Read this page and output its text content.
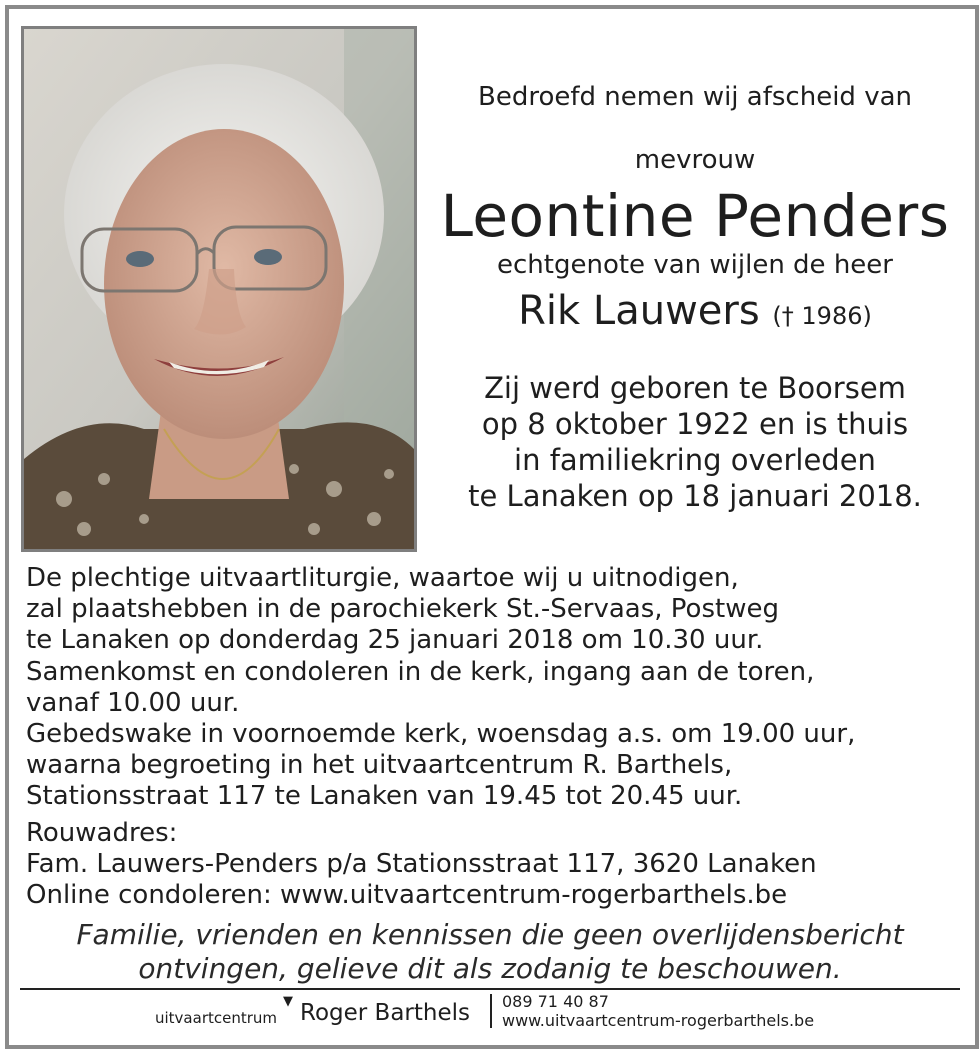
Bedroefd nemen wij afscheid van
mevrouw
Leontine Penders
echtgenote van wijlen de heer
Rik Lauwers († 1986)
Zij werd geboren te Boorsem
op 8 oktober 1922 en is thuis
in familiekring overleden
te Lanaken op 18 januari 2018.
De plechtige uitvaartliturgie, waartoe wij u uitnodigen,
zal plaatshebben in de parochiekerk St.-Servaas, Postweg
te Lanaken op donderdag 25 januari 2018 om 10.30 uur.
Samenkomst en condoleren in de kerk, ingang aan de toren,
vanaf 10.00 uur.
Gebedswake in voornoemde kerk, woensdag a.s. om 19.00 uur,
waarna begroeting in het uitvaartcentrum R. Barthels,
Stationsstraat 117 te Lanaken van 19.45 tot 20.45 uur.
Rouwadres:
Fam. Lauwers-Penders p/a Stationsstraat 117, 3620 Lanaken
Online condoleren: www.uitvaartcentrum-rogerbarthels.be
Familie, vrienden en kennissen die geen overlijdensbericht
ontvingen, gelieve dit als zodanig te beschouwen.
uitvaartcentrum
▼ Roger Barthels 089 71 40 87
www.uitvaartcentrum-rogerbarthels.be
